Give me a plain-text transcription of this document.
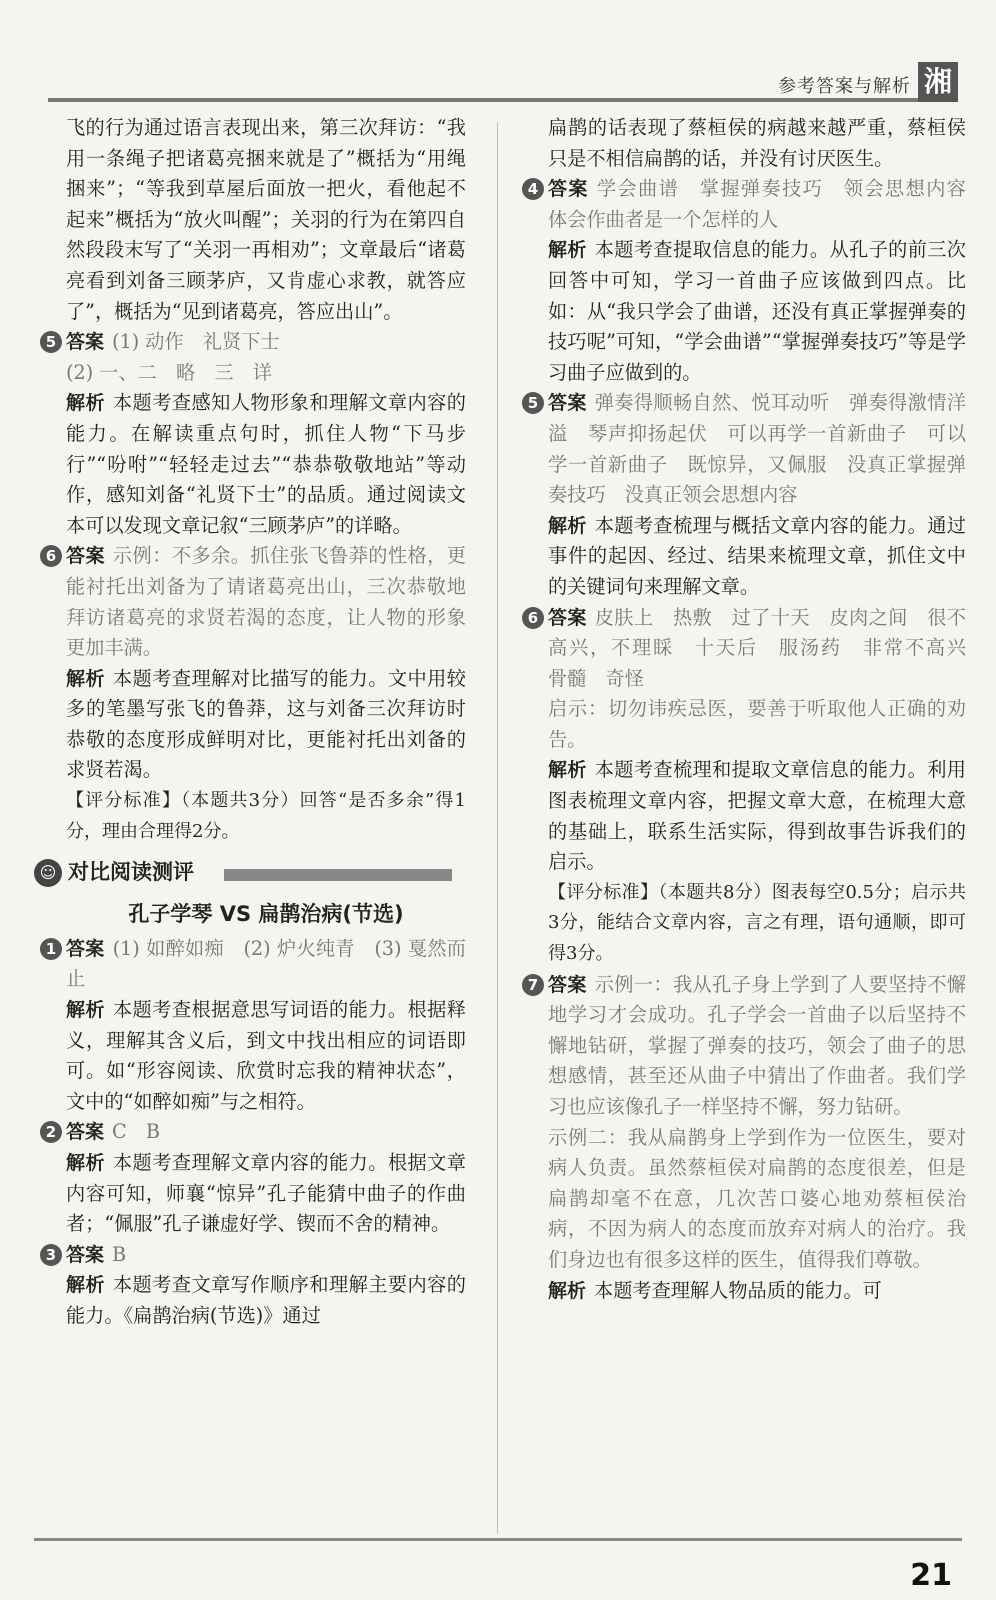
参考答案与解析 湘

飞的行为通过语言表现出来，第三次拜访：“我用一条绳子把诸葛亮捆来就是了”概括为“用绳捆来”；“等我到草屋后面放一把火，看他起不起来”概括为“放火叫醒”；关羽的行为在第四自然段段末写了“关羽一再相劝”；文章最后“诸葛亮看到刘备三顾茅庐，又肯虚心求教，就答应了”，概括为“见到诸葛亮，答应出山”。

5 答案 (1) 动作　礼贤下士

(2) 一、二　略　三　详

解析 本题考查感知人物形象和理解文章内容的能力。在解读重点句时，抓住人物“下马步行”“吩咐”“轻轻走过去”“恭恭敬敬地站”等动作，感知刘备“礼贤下士”的品质。通过阅读文本可以发现文章记叙“三顾茅庐”的详略。

6 答案 示例：不多余。抓住张飞鲁莽的性格，更能衬托出刘备为了请诸葛亮出山，三次恭敬地拜访诸葛亮的求贤若渴的态度，让人物的形象更加丰满。

解析 本题考查理解对比描写的能力。文中用较多的笔墨写张飞的鲁莽，这与刘备三次拜访时恭敬的态度形成鲜明对比，更能衬托出刘备的求贤若渴。

【评分标准】（本题共3分）回答“是否多余”得1分，理由合理得2分。

☺ 对比阅读测评

孔子学琴 VS 扁鹊治病(节选)

1 答案 (1) 如醉如痴　(2) 炉火纯青　(3) 戛然而止

解析 本题考查根据意思写词语的能力。根据释义，理解其含义后，到文中找出相应的词语即可。如“形容阅读、欣赏时忘我的精神状态”，文中的“如醉如痴”与之相符。

2 答案 C　B

解析 本题考查理解文章内容的能力。根据文章内容可知，师襄“惊异”孔子能猜中曲子的作曲者；“佩服”孔子谦虚好学、锲而不舍的精神。

3 答案 B

解析 本题考查文章写作顺序和理解主要内容的能力。《扁鹊治病(节选)》通过

扁鹊的话表现了蔡桓侯的病越来越严重，蔡桓侯只是不相信扁鹊的话，并没有讨厌医生。

4 答案 学会曲谱　掌握弹奏技巧　领会思想内容　体会作曲者是一个怎样的人

解析 本题考查提取信息的能力。从孔子的前三次回答中可知，学习一首曲子应该做到四点。比如：从“我只学会了曲谱，还没有真正掌握弹奏的技巧呢”可知，“学会曲谱”“掌握弹奏技巧”等是学习曲子应做到的。

5 答案 弹奏得顺畅自然、悦耳动听　弹奏得激情洋溢　琴声抑扬起伏　可以再学一首新曲子　可以学一首新曲子　既惊异，又佩服　没真正掌握弹奏技巧　没真正领会思想内容

解析 本题考查梳理与概括文章内容的能力。通过事件的起因、经过、结果来梳理文章，抓住文中的关键词句来理解文章。

6 答案 皮肤上　热敷　过了十天　皮肉之间　很不高兴，不理睬　十天后　服汤药　非常不高兴　骨髓　奇怪

启示：切勿讳疾忌医，要善于听取他人正确的劝告。

解析 本题考查梳理和提取文章信息的能力。利用图表梳理文章内容，把握文章大意，在梳理大意的基础上，联系生活实际，得到故事告诉我们的启示。

【评分标准】（本题共8分）图表每空0.5分；启示共3分，能结合文章内容，言之有理，语句通顺，即可得3分。

7 答案 示例一：我从孔子身上学到了人要坚持不懈地学习才会成功。孔子学会一首曲子以后坚持不懈地钻研，掌握了弹奏的技巧，领会了曲子的思想感情，甚至还从曲子中猜出了作曲者。我们学习也应该像孔子一样坚持不懈，努力钻研。

示例二：我从扁鹊身上学到作为一位医生，要对病人负责。虽然蔡桓侯对扁鹊的态度很差，但是扁鹊却毫不在意，几次苦口婆心地劝蔡桓侯治病，不因为病人的态度而放弃对病人的治疗。我们身边也有很多这样的医生，值得我们尊敬。

解析 本题考查理解人物品质的能力。可

21
